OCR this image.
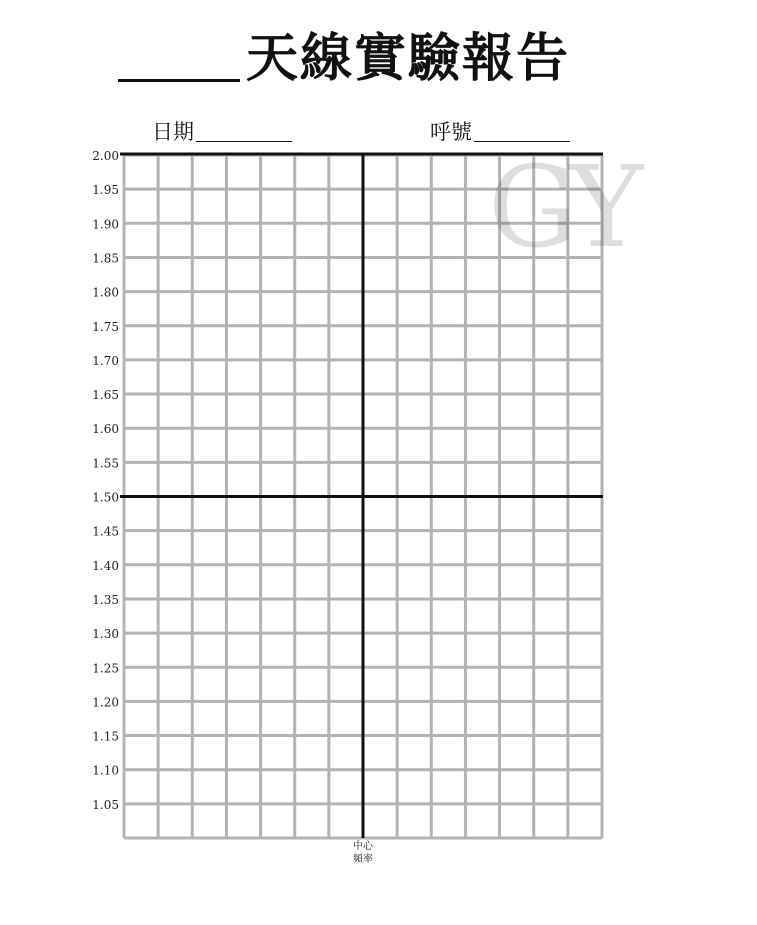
天線實驗報告
日期	呼號
2.00
1.95
1.90
1.85
1.80
1.75
1.70
1.65
1.60
1.55
1.50
1.45
1.40
1.35
1.30
1.25
1.20
1.15
1.10
1.05
GY
中心
頻率
